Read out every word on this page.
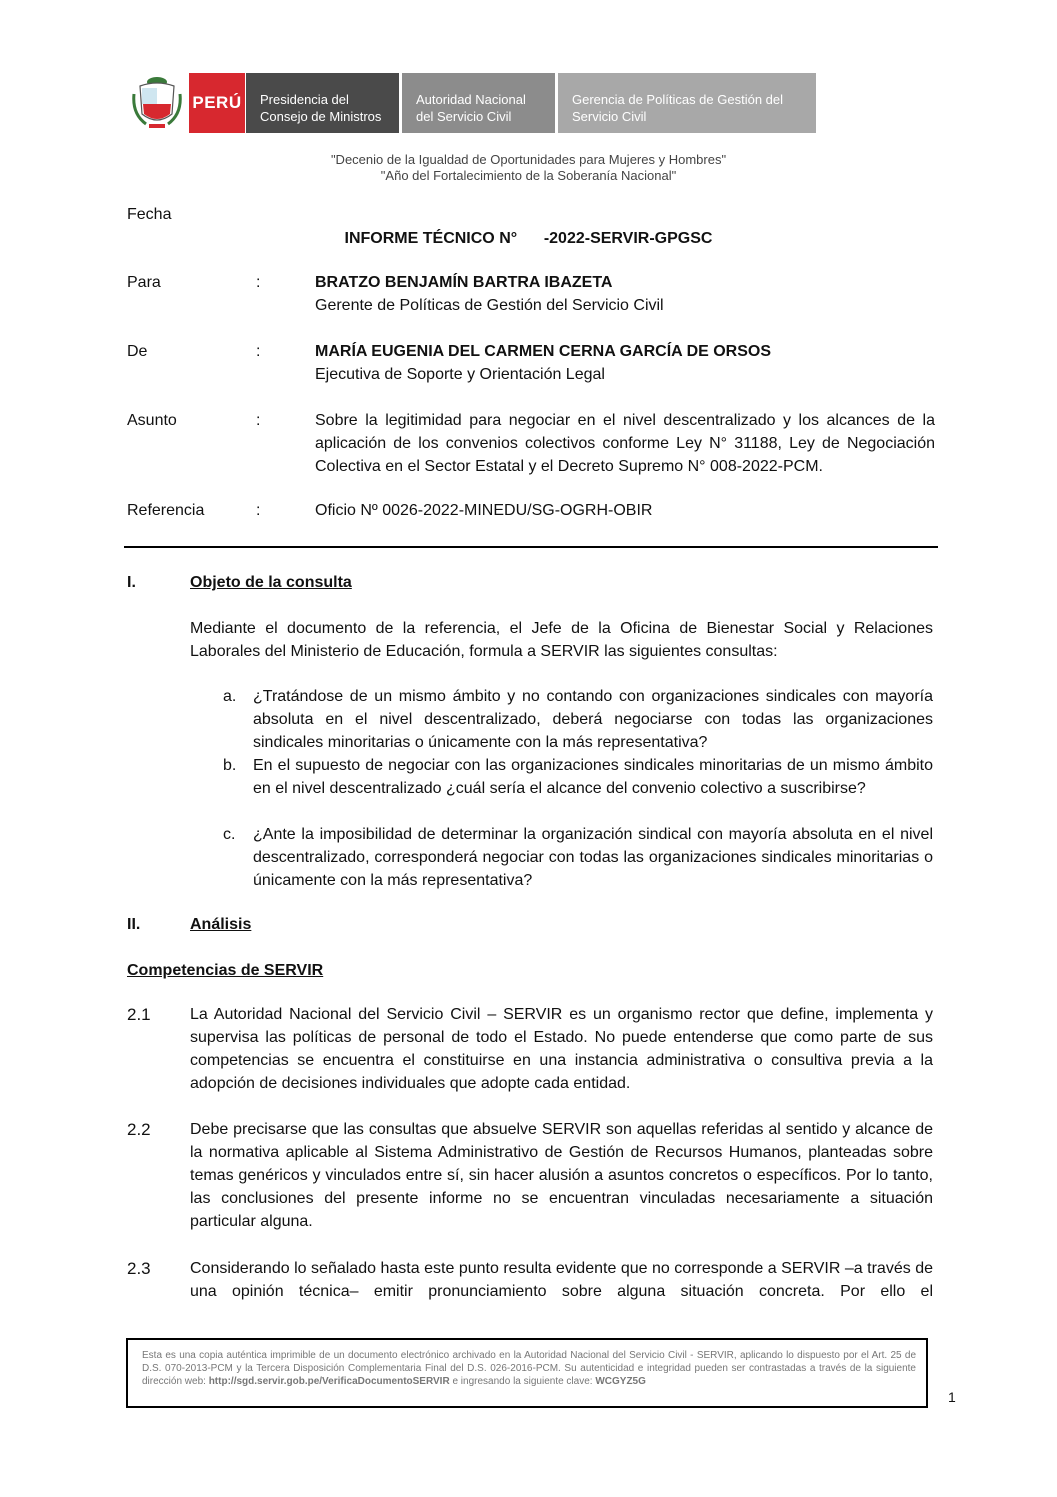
PERÚ Presidencia del
Consejo de Ministros
Autoridad Nacional
del Servicio Civil
Gerencia de Políticas de Gestión del
Servicio Civil
"Decenio de la Igualdad de Oportunidades para Mujeres y Hombres"
"Año del Fortalecimiento de la Soberanía Nacional"
Fecha
INFORME TÉCNICO N°      -2022-SERVIR-GPGSC
Para	:	BRATZO BENJAMÍN BARTRA IBAZETA
Gerente de Políticas de Gestión del Servicio Civil
De	:	MARÍA EUGENIA DEL CARMEN CERNA GARCÍA DE ORSOS
Ejecutiva de Soporte y Orientación Legal
Asunto	:	Sobre la legitimidad para negociar en el nivel descentralizado y los alcances de la aplicación de los convenios colectivos conforme Ley N° 31188, Ley de Negociación Colectiva en el Sector Estatal y el Decreto Supremo N° 008-2022-PCM.
Referencia	:	Oficio Nº 0026-2022-MINEDU/SG-OGRH-OBIR
I.	Objeto de la consulta
Mediante el documento de la referencia, el Jefe de la Oficina de Bienestar Social y Relaciones Laborales del Ministerio de Educación, formula a SERVIR las siguientes consultas:
a. ¿Tratándose de un mismo ámbito y no contando con organizaciones sindicales con mayoría absoluta en el nivel descentralizado, deberá negociarse con todas las organizaciones sindicales minoritarias o únicamente con la más representativa?
b. En el supuesto de negociar con las organizaciones sindicales minoritarias de un mismo ámbito en el nivel descentralizado ¿cuál sería el alcance del convenio colectivo a suscribirse?
c. ¿Ante la imposibilidad de determinar la organización sindical con mayoría absoluta en el nivel descentralizado, corresponderá negociar con todas las organizaciones sindicales minoritarias o únicamente con la más representativa?
II.	Análisis
Competencias de SERVIR
2.1 La Autoridad Nacional del Servicio Civil – SERVIR es un organismo rector que define, implementa y supervisa las políticas de personal de todo el Estado. No puede entenderse que como parte de sus competencias se encuentra el constituirse en una instancia administrativa o consultiva previa a la adopción de decisiones individuales que adopte cada entidad.
2.2 Debe precisarse que las consultas que absuelve SERVIR son aquellas referidas al sentido y alcance de la normativa aplicable al Sistema Administrativo de Gestión de Recursos Humanos, planteadas sobre temas genéricos y vinculados entre sí, sin hacer alusión a asuntos concretos o específicos. Por lo tanto, las conclusiones del presente informe no se encuentran vinculadas necesariamente a situación particular alguna.
2.3 Considerando lo señalado hasta este punto resulta evidente que no corresponde a SERVIR –a través de una opinión técnica– emitir pronunciamiento sobre alguna situación concreta. Por ello el
Esta es una copia auténtica imprimible de un documento electrónico archivado en la Autoridad Nacional del Servicio Civil - SERVIR, aplicando lo dispuesto por el Art. 25 de D.S. 070-2013-PCM y la Tercera Disposición Complementaria Final del D.S. 026-2016-PCM. Su autenticidad e integridad pueden ser contrastadas a través de la siguiente dirección web: http://sgd.servir.gob.pe/VerificaDocumentoSERVIR e ingresando la siguiente clave: WCGYZ5G
1
